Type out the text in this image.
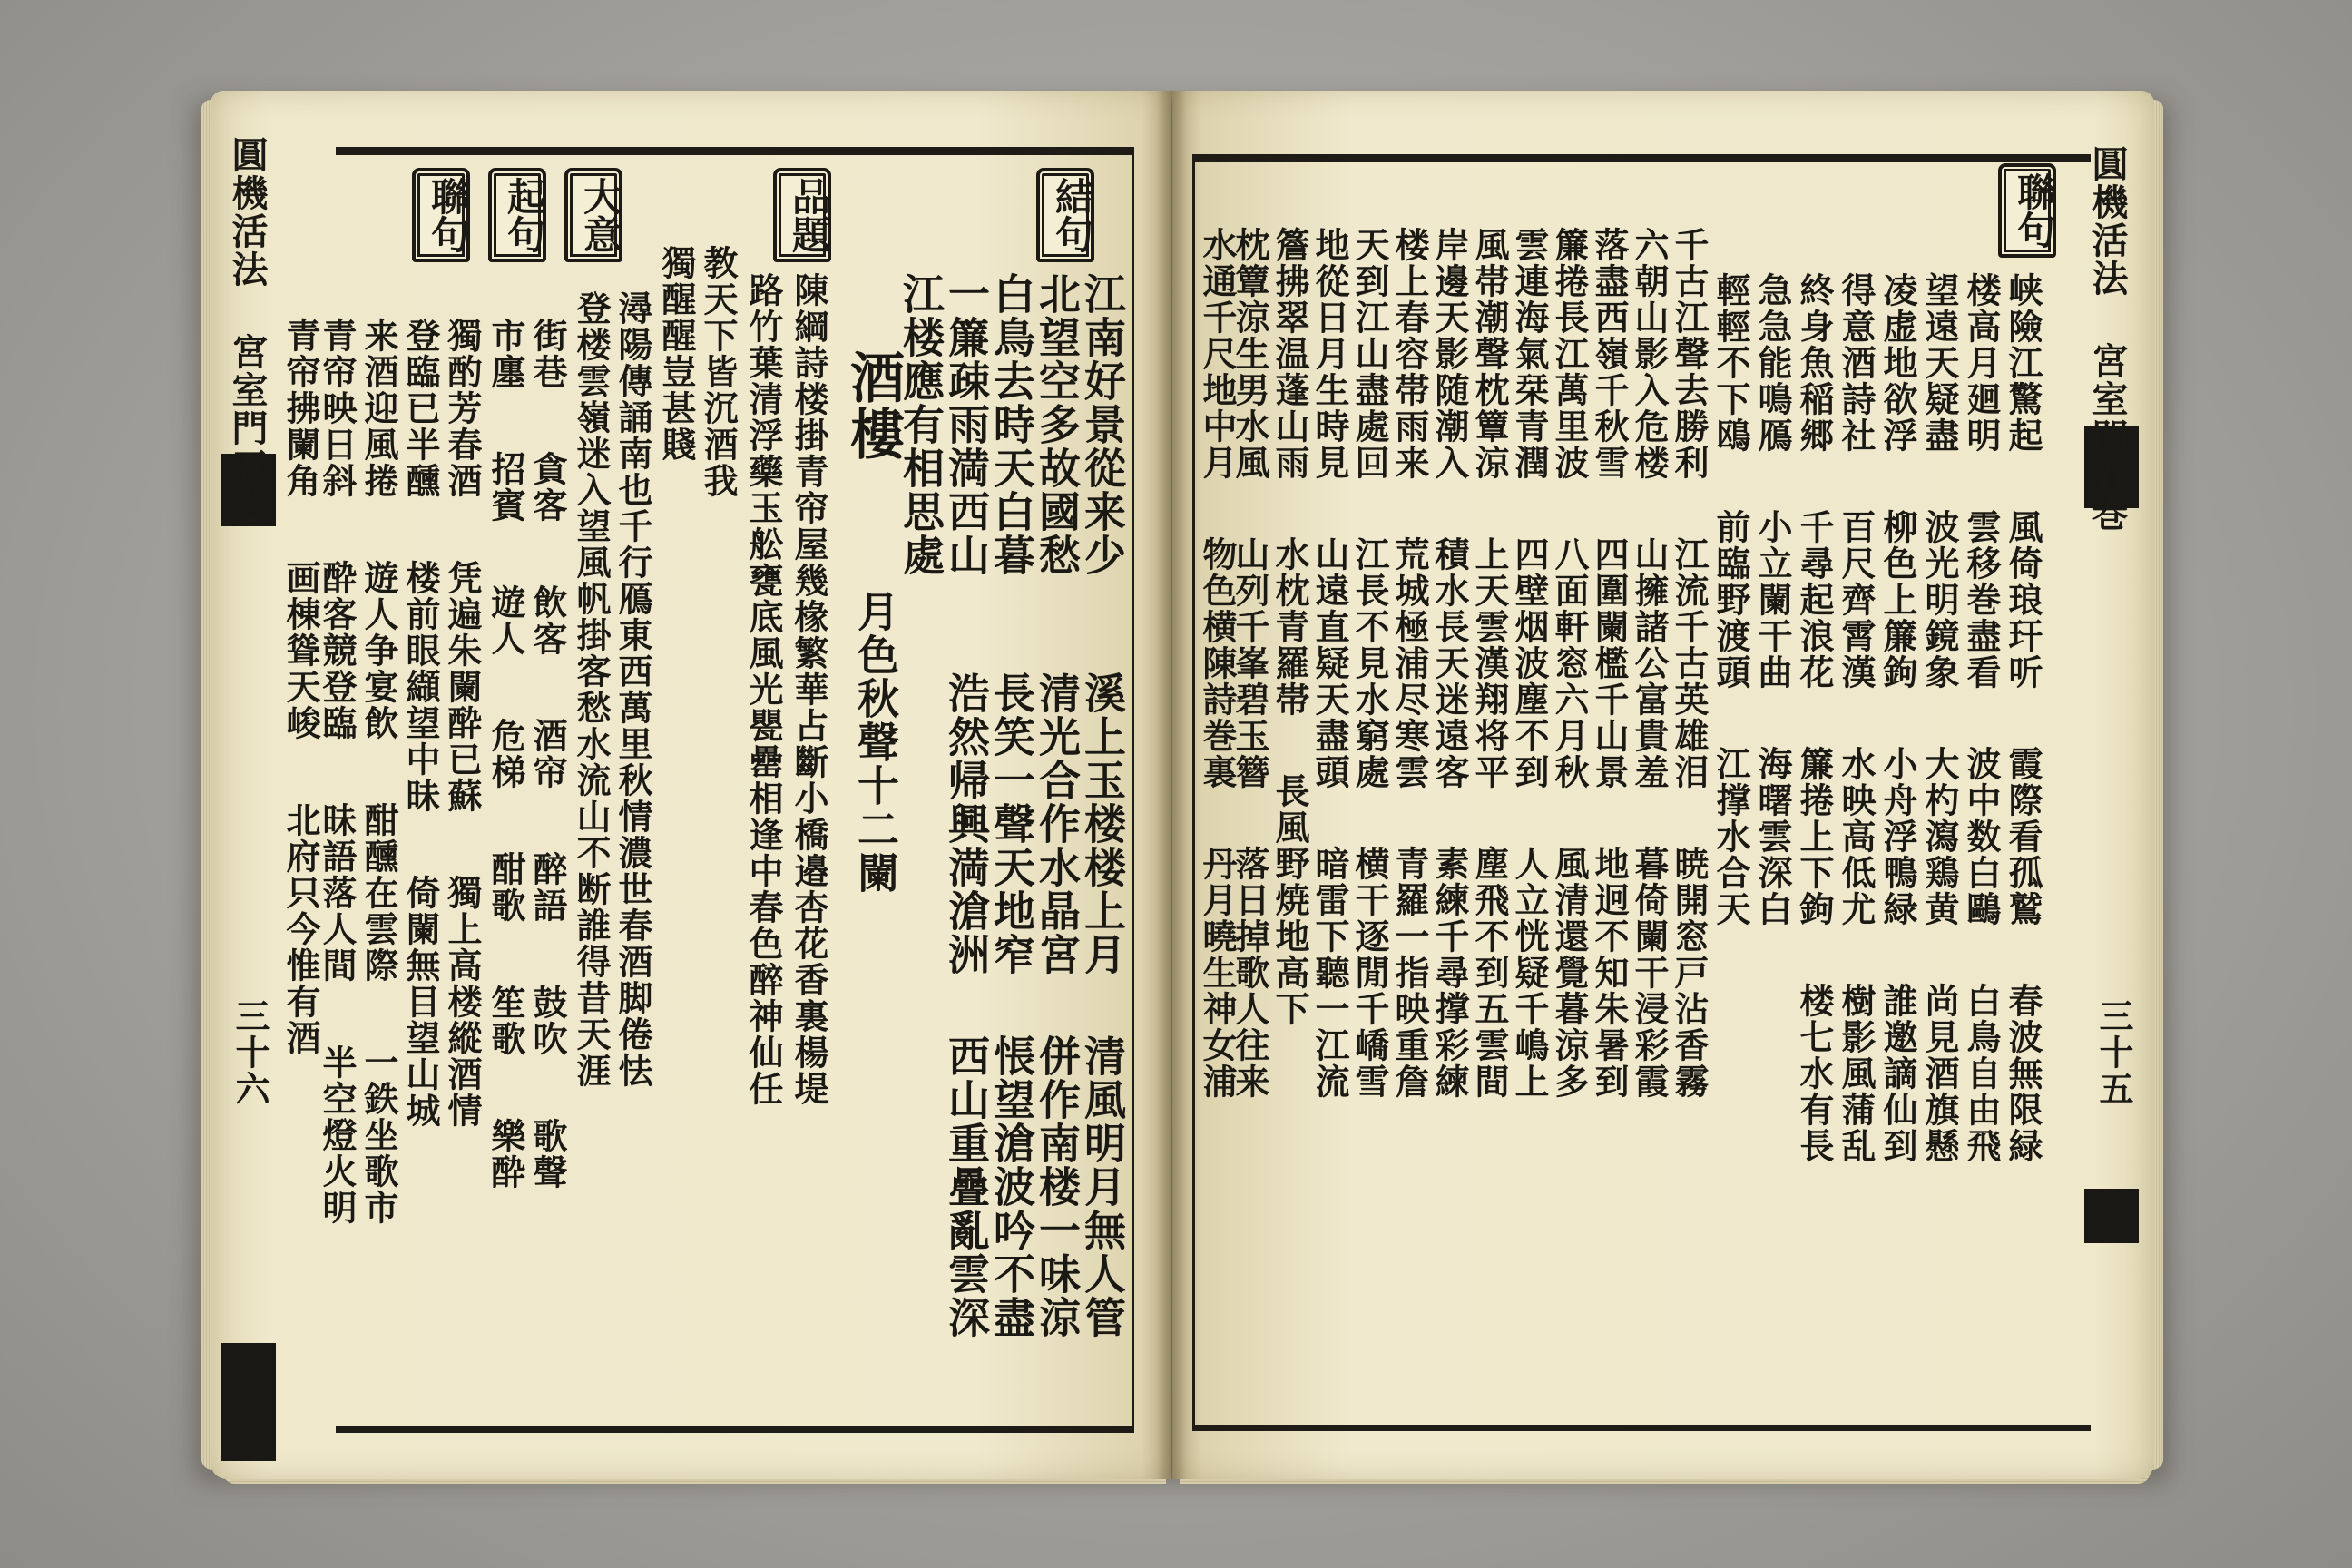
圓機活法 宮室門五巻
三十六
結句
品題
大意
起句
聯句
酒樓	江南好景從来少
北望空多故國愁
白鳥去時天白暮
一簾疎雨満西山
江楼應有相思處
月色秋聲十二闌	溪上玉楼楼上月
清光合作水晶宮
長笑一聲天地窄
浩然帰興満滄洲
清風明月無人管
併作南楼一味涼
悵望滄波吟不盡
西山重疊亂雲深
陳綱詩楼掛青帘屋幾椽繁華占斷小橋邉杏花香裏楊堤
路竹葉清浮藥玉舩甕底風光甖罍相逢中春色醉神仙任
教天下皆沉酒我
獨醒醒豈甚賤
潯陽傳誦南也千行鴈東西萬里秋情濃世春酒脚倦怯
登楼雲嶺迷入望風帆掛客愁水流山不断誰得昔天涯
街巷 貪客 飲客 酒帘 醉語 鼓吹 歌聲
市廛 招賓 遊人 危梯 酣歌 笙歌 樂酔
獨酌芳春酒 凭遍朱闌酔已蘇 獨上高楼縱酒情
登臨已半醺 楼前眼纈望中昧 倚闌無目望山城
来酒迎風捲 遊人争宴飲 酣醺在雲際 一鉄坐歌市
青帘映日斜 酔客競登臨 昧語落人間 半空燈火明
青帘拂闌角 画棟聳天峻 北府只今惟有酒	圓機活法 宮室門五巻
三十五
聯句
峡險江驚起 風倚琅玕听 霞際看孤鷲 春波無限緑
楼高月廻明 雲移巻盡看 波中数白鷗 白鳥自由飛
望遠天疑盡 波光明鏡象 大杓瀉鶏黄 尚見酒旗懸
凌虚地欲浮 柳色上簾鉤 小舟浮鴨緑 誰邀謫仙到
得意酒詩社 百尺齊霄漢 水映高低尤 樹影風蒲乱
終身魚稲郷 千尋起浪花 簾捲上下鉤 楼七水有長
急急能鳴鴈 小立闌干曲 海曙雲深白
輕輕不下鴎 前臨野渡頭 江撑水合天
千古江聲去勝利 江流千古英雄泪 暁開窓戸沾香霧
六朝山影入危楼 山擁諸公富貴羞 暮倚闌干浸彩霞
落盡西嶺千秋雪 四圍闌檻千山景 地迥不知朱暑到
簾捲長江萬里波 八面軒窓六月秋 風清還覺暮涼多
雲連海氣栞青潤 四壁烟波塵不到 人立恍疑千嶋上
風帯潮聲枕簟涼 上天雲漢翔将平 塵飛不到五雲間
岸邊天影随潮入 積水長天迷遠客 素練千尋撑彩練
楼上春容帯雨来 荒城極浦尽寒雲 青羅一指映重詹
天到江山盡處回 江長不見水窮處 横干逐閒千嶠雪
地從日月生時見 山遠直疑天盡頭 暗雷下聽一江流
簷拂翠温蓬山雨 水枕青羅帯 長風野焼地高下
枕簟涼生男水風 山列千峯碧玉簪 落日掉歌人往来
水通千尺地中月 物色横陳詩巻裏 丹月曉生神女浦
